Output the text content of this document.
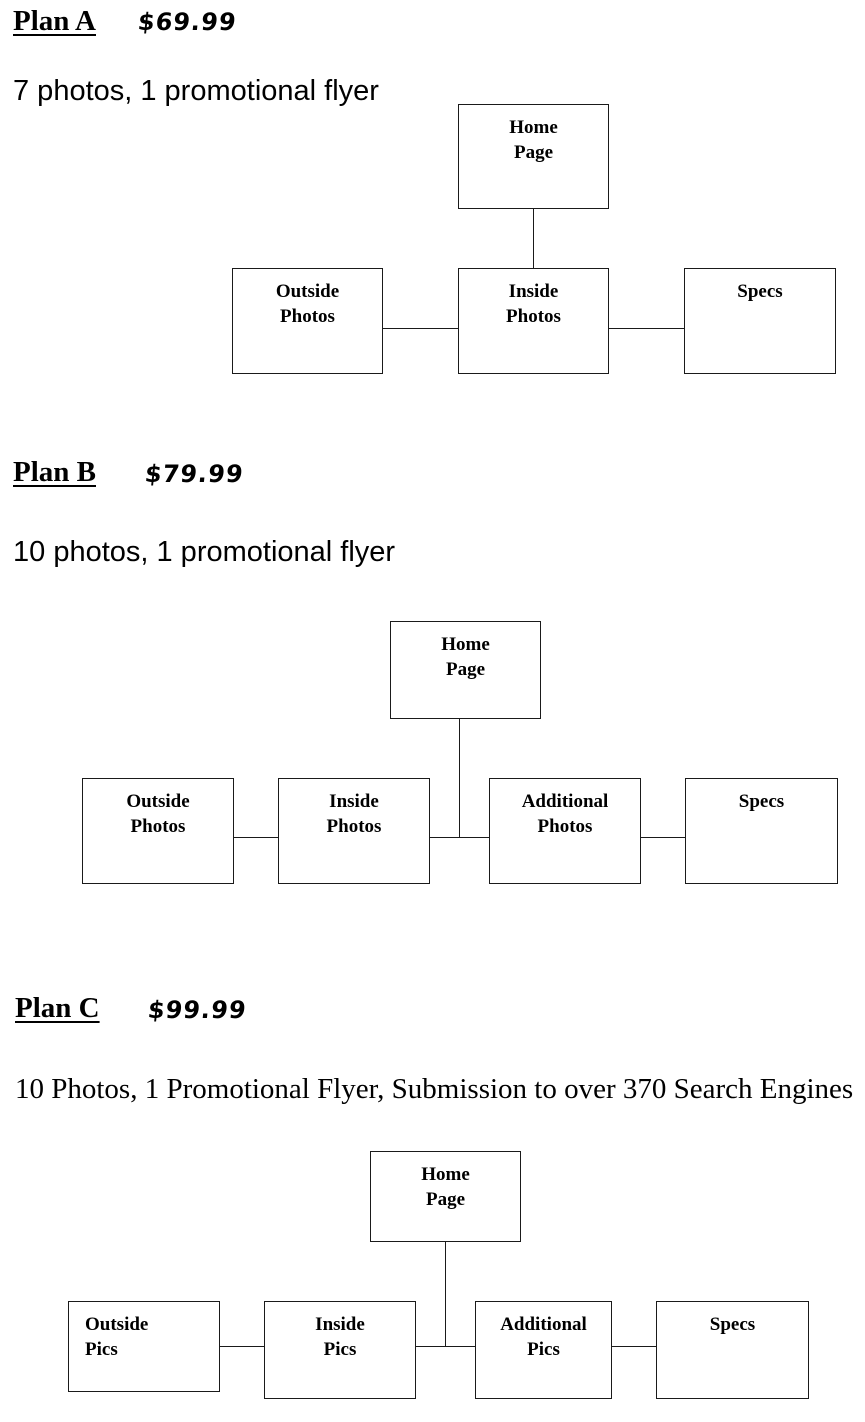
Plan A $69.99
7 photos, 1 promotional flyer
Home
Page
Outside
Photos
Inside
Photos
Specs
Plan B $79.99
10 photos, 1 promotional flyer
Home
Page
Outside
Photos
Inside
Photos
Additional
Photos
Specs
Plan C $99.99
10 Photos, 1 Promotional Flyer, Submission to over 370 Search Engines
Home
Page
Outside
Pics
Inside
Pics
Additional
Pics
Specs
